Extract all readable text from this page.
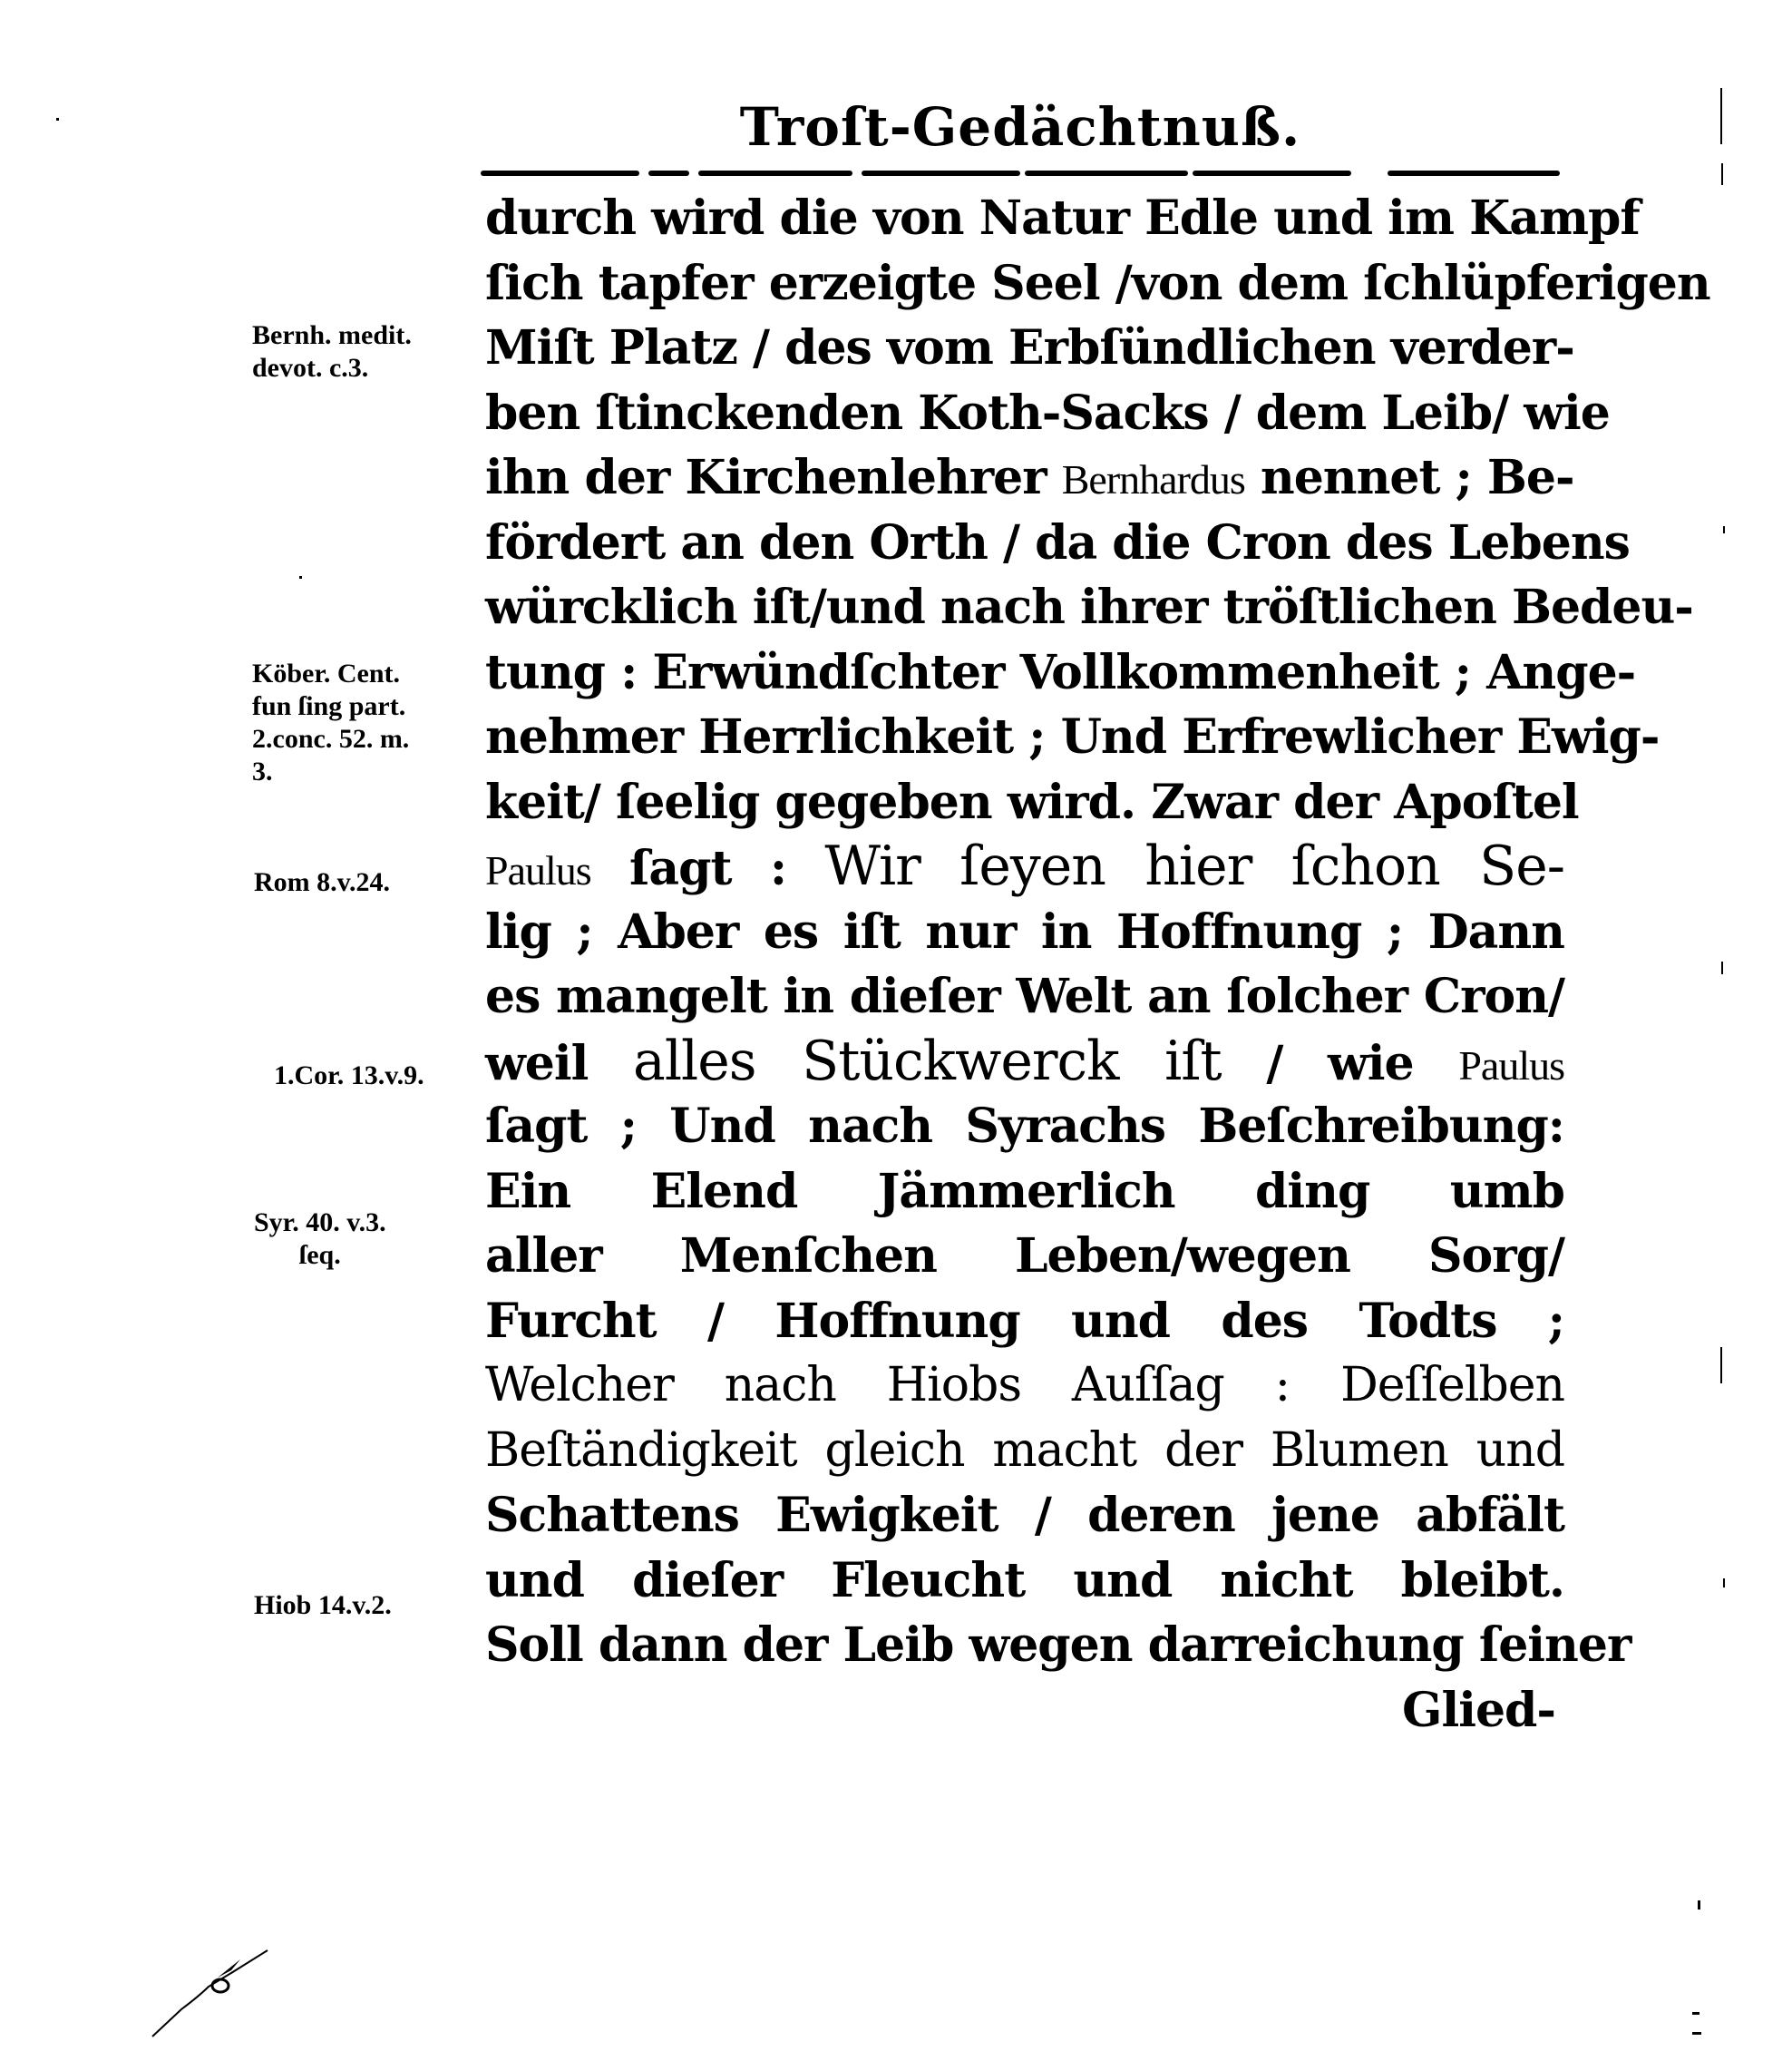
Troſt-Gedächtnuß.
durch wird die von Natur Edle und im Kampf
ſich tapfer erzeigte Seel /von dem ſchlüpferigen
Miſt Platz / des vom Erbſündlichen verder-
ben ſtinckenden Koth-Sacks / dem Leib/ wie
ihn der Kirchenlehrer Bernhardus nennet ; Be-
fördert an den Orth / da die Cron des Lebens
würcklich iſt/und nach ihrer tröſtlichen Bedeu-
tung : Erwündſchter Vollkommenheit ; Ange-
nehmer Herrlichkeit ; Und Erfrewlicher Ewig-
keit/ ſeelig gegeben wird. Zwar der Apoſtel
Paulus ſagt : Wir ſeyen hier ſchon Se-
lig ; Aber es iſt nur in Hoffnung ; Dann
es mangelt in dieſer Welt an ſolcher Cron/
weil alles Stückwerck iſt / wie Paulus
ſagt ; Und nach Syrachs Beſchreibung:
Ein Elend Jämmerlich ding umb
aller Menſchen Leben/wegen Sorg/
Furcht / Hoffnung und des Todts ;
Welcher nach Hiobs Auſſag : Deſſelben
Beſtändigkeit gleich macht der Blumen und
Schattens Ewigkeit / deren jene abfält
und dieſer Fleucht und nicht bleibt.
Soll dann der Leib wegen darreichung ſeiner
Glied-
Bernh. medit.
devot. c.3.
Köber. Cent.
fun ſing part.
2.conc. 52. m.
3.
Rom 8.v.24.
1.Cor. 13.v.9.
Syr. 40. v.3.
ſeq.
Hiob 14.v.2.
